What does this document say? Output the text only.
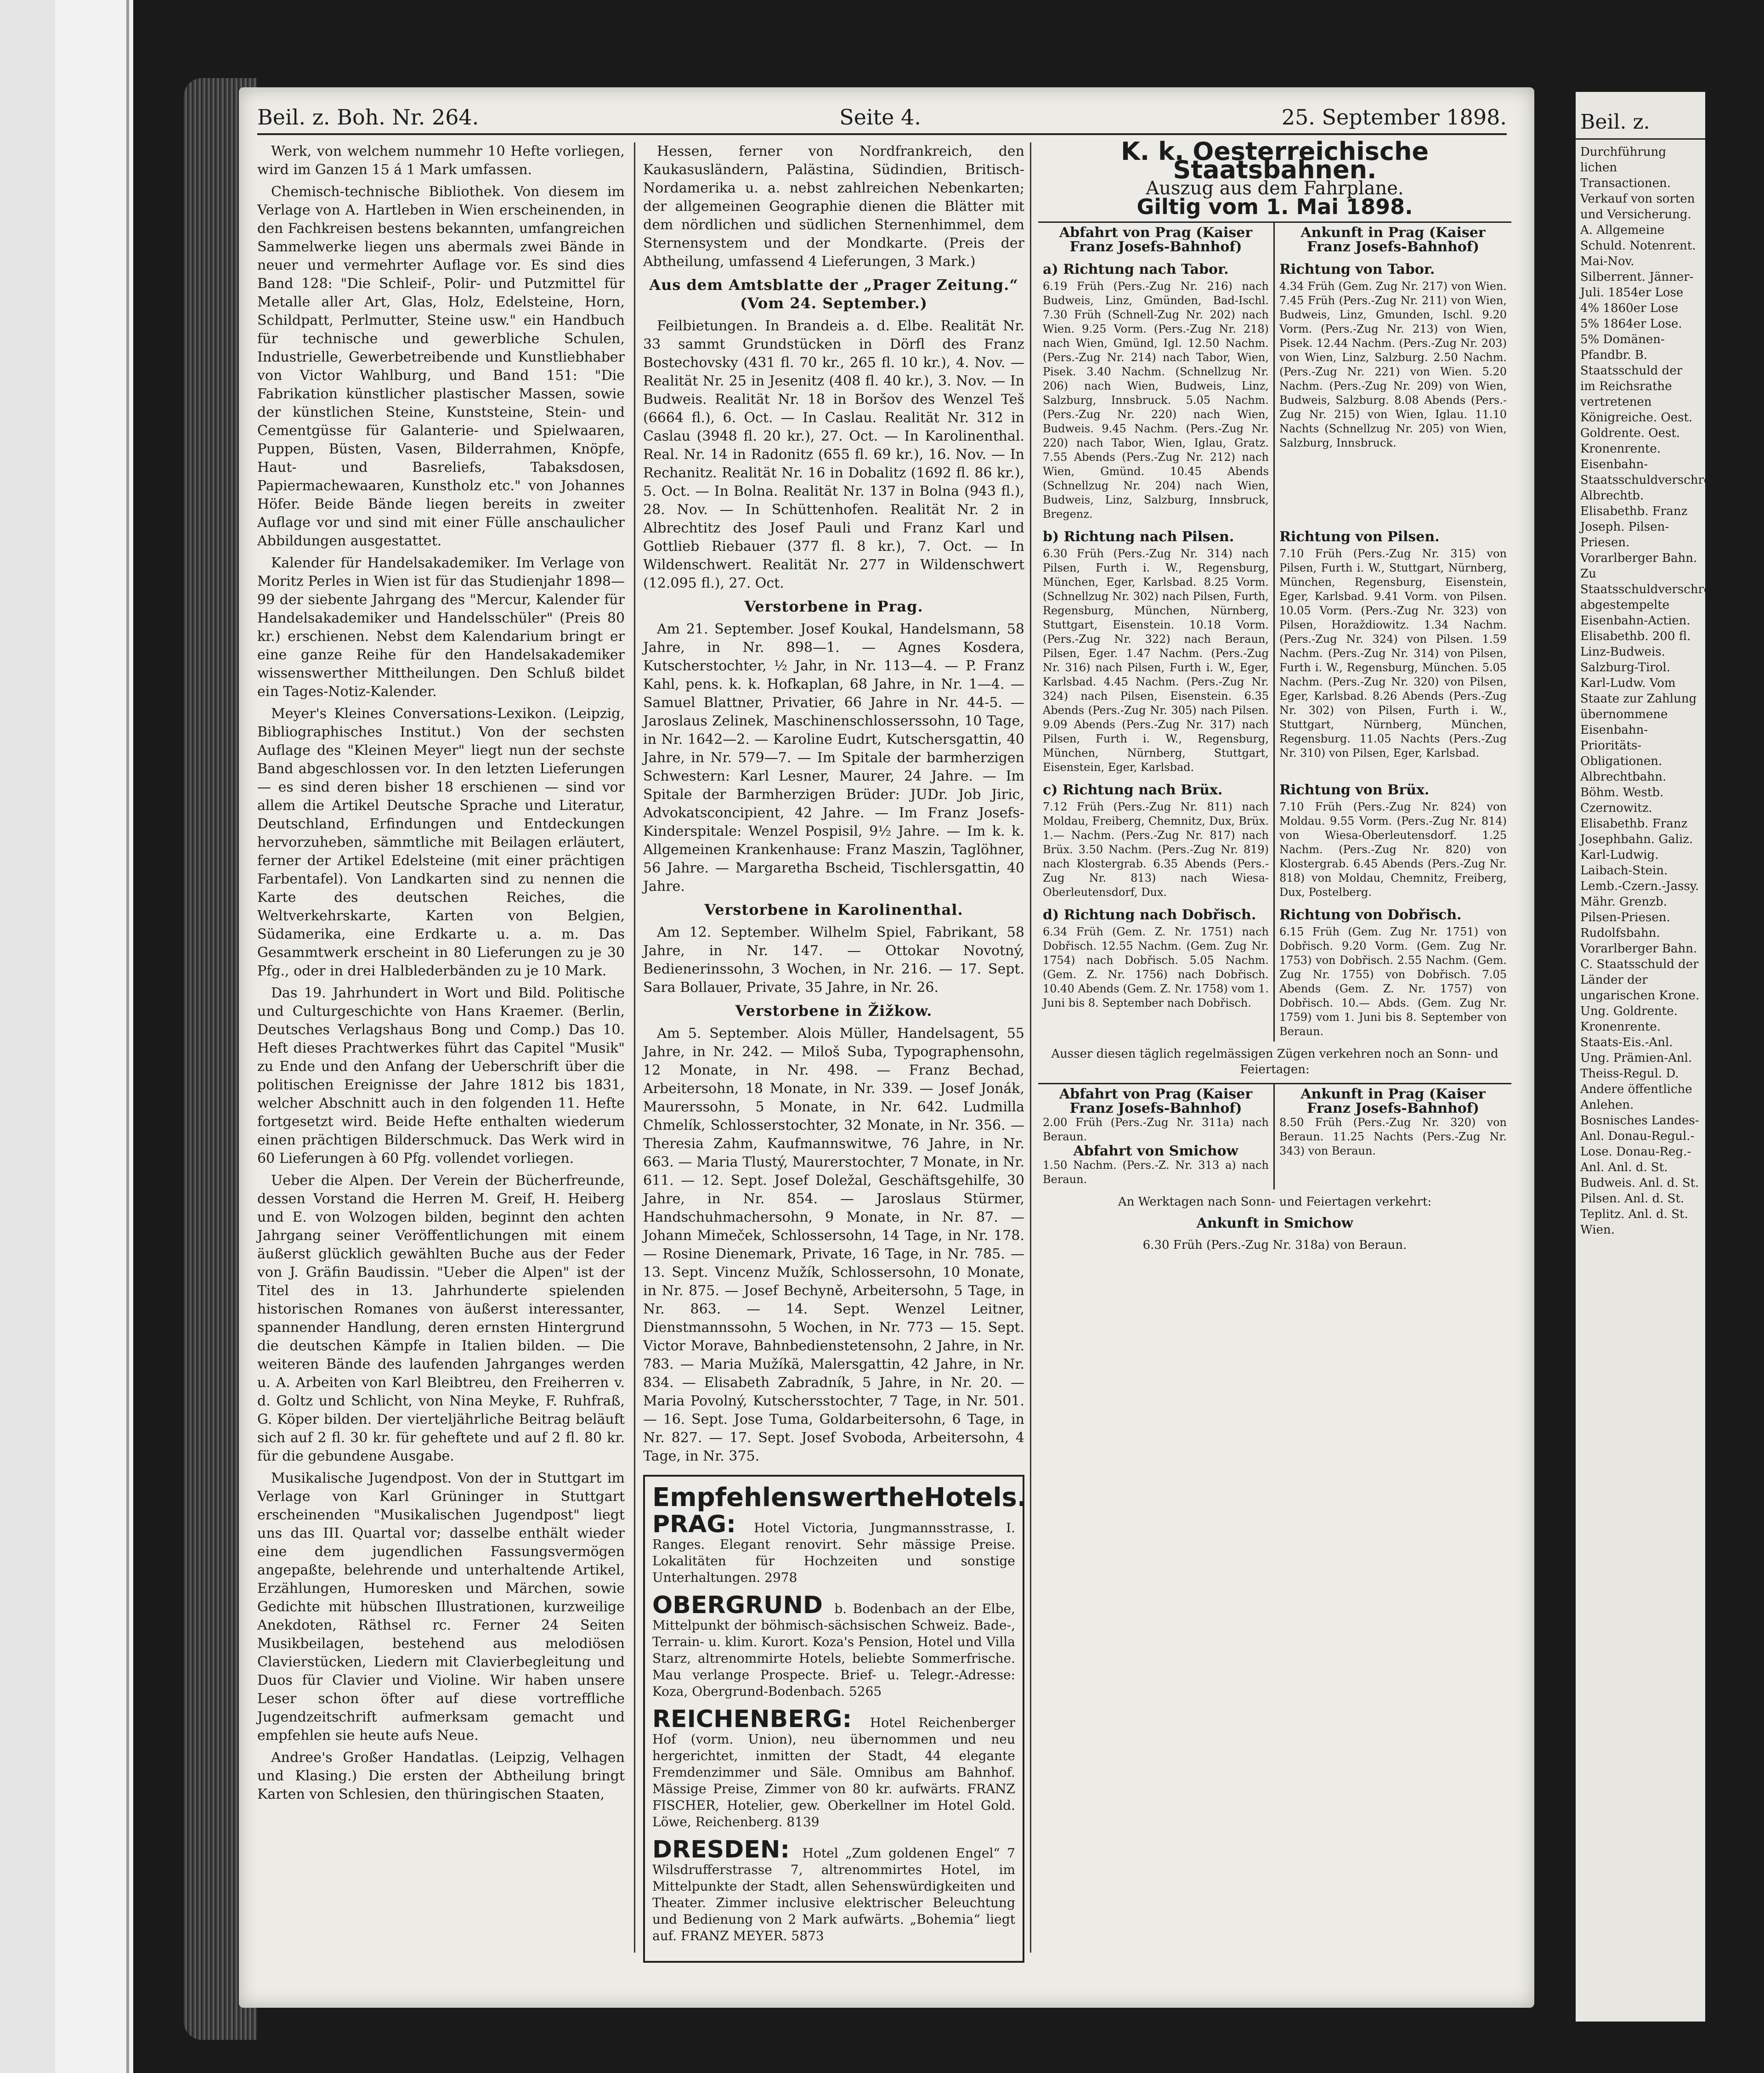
Beil. z. Boh. Nr. 264.	Seite 4.	25. September 1898.

Werk, von welchem nummehr 10 Hefte vorliegen, wird im Ganzen 15 á 1 Mark umfassen.

Chemisch-technische Bibliothek. Von diesem im Verlage von A. Hartleben in Wien erscheinenden, in den Fachkreisen bestens bekannten, umfangreichen Sammelwerke liegen uns abermals zwei Bände in neuer und vermehrter Auflage vor. Es sind dies Band 128: "Die Schleif-, Polir- und Putzmittel für Metalle aller Art, Glas, Holz, Edelsteine, Horn, Schildpatt, Perlmutter, Steine usw." ein Handbuch für technische und gewerbliche Schulen, Industrielle, Gewerbetreibende und Kunstliebhaber von Victor Wahlburg, und Band 151: "Die Fabrikation künstlicher plastischer Massen, sowie der künstlichen Steine, Kunststeine, Stein- und Cementgüsse für Galanterie- und Spielwaaren, Puppen, Büsten, Vasen, Bilderrahmen, Knöpfe, Haut- und Basreliefs, Tabaksdosen, Papiermachewaaren, Kunstholz etc." von Johannes Höfer. Beide Bände liegen bereits in zweiter Auflage vor und sind mit einer Fülle anschaulicher Abbildungen ausgestattet.

Kalender für Handelsakademiker. Im Verlage von Moritz Perles in Wien ist für das Studienjahr 1898—99 der siebente Jahrgang des "Mercur, Kalender für Handelsakademiker und Handelsschüler" (Preis 80 kr.) erschienen. Nebst dem Kalendarium bringt er eine ganze Reihe für den Handelsakademiker wissenswerther Mittheilungen. Den Schluß bildet ein Tages-Notiz-Kalender.

Meyer's Kleines Conversations-Lexikon. (Leipzig, Bibliographisches Institut.) Von der sechsten Auflage des "Kleinen Meyer" liegt nun der sechste Band abgeschlossen vor. In den letzten Lieferungen — es sind deren bisher 18 erschienen — sind vor allem die Artikel Deutsche Sprache und Literatur, Deutschland, Erfindungen und Entdeckungen hervorzuheben, sämmtliche mit Beilagen erläutert, ferner der Artikel Edelsteine (mit einer prächtigen Farbentafel). Von Landkarten sind zu nennen die Karte des deutschen Reiches, die Weltverkehrskarte, Karten von Belgien, Südamerika, eine Erdkarte u. a. m. Das Gesammtwerk erscheint in 80 Lieferungen zu je 30 Pfg., oder in drei Halblederbänden zu je 10 Mark.

Das 19. Jahrhundert in Wort und Bild. Politische und Culturgeschichte von Hans Kraemer. (Berlin, Deutsches Verlagshaus Bong und Comp.) Das 10. Heft dieses Prachtwerkes führt das Capitel "Musik" zu Ende und den Anfang der Ueberschrift über die politischen Ereignisse der Jahre 1812 bis 1831, welcher Abschnitt auch in den folgenden 11. Hefte fortgesetzt wird. Beide Hefte enthalten wiederum einen prächtigen Bilderschmuck. Das Werk wird in 60 Lieferungen à 60 Pfg. vollendet vorliegen.

Ueber die Alpen. Der Verein der Bücherfreunde, dessen Vorstand die Herren M. Greif, H. Heiberg und E. von Wolzogen bilden, beginnt den achten Jahrgang seiner Veröffentlichungen mit einem äußerst glücklich gewählten Buche aus der Feder von J. Gräfin Baudissin. "Ueber die Alpen" ist der Titel des in 13. Jahrhunderte spielenden historischen Romanes von äußerst interessanter, spannender Handlung, deren ernsten Hintergrund die deutschen Kämpfe in Italien bilden. — Die weiteren Bände des laufenden Jahrganges werden u. A. Arbeiten von Karl Bleibtreu, den Freiherren v. d. Goltz und Schlicht, von Nina Meyke, F. Ruhfraß, G. Köper bilden. Der vierteljährliche Beitrag beläuft sich auf 2 fl. 30 kr. für geheftete und auf 2 fl. 80 kr. für die gebundene Ausgabe.

Musikalische Jugendpost. Von der in Stuttgart im Verlage von Karl Grüninger in Stuttgart erscheinenden "Musikalischen Jugendpost" liegt uns das III. Quartal vor; dasselbe enthält wieder eine dem jugendlichen Fassungsvermögen angepaßte, belehrende und unterhaltende Artikel, Erzählungen, Humoresken und Märchen, sowie Gedichte mit hübschen Illustrationen, kurzweilige Anekdoten, Räthsel rc. Ferner 24 Seiten Musikbeilagen, bestehend aus melodiösen Clavierstücken, Liedern mit Clavierbegleitung und Duos für Clavier und Violine. Wir haben unsere Leser schon öfter auf diese vortreffliche Jugendzeitschrift aufmerksam gemacht und empfehlen sie heute aufs Neue.

Andree's Großer Handatlas. (Leipzig, Velhagen und Klasing.) Die ersten der Abtheilung bringt Karten von Schlesien, den thüringischen Staaten,

Hessen, ferner von Nordfrankreich, den Kaukasusländern, Palästina, Südindien, Britisch-Nordamerika u. a. nebst zahlreichen Nebenkarten; der allgemeinen Geographie dienen die Blätter mit dem nördlichen und südlichen Sternenhimmel, dem Sternensystem und der Mondkarte. (Preis der Abtheilung, umfassend 4 Lieferungen, 3 Mark.)

Aus dem Amtsblatte der „Prager Zeitung.“ (Vom 24. September.)

Feilbietungen. In Brandeis a. d. Elbe. Realität Nr. 33 sammt Grundstücken in Dörfl des Franz Bostechovsky (431 fl. 70 kr., 265 fl. 10 kr.), 4. Nov. — Realität Nr. 25 in Jesenitz (408 fl. 40 kr.), 3. Nov. — In Budweis. Realität Nr. 18 in Boršov des Wenzel Teš (6664 fl.), 6. Oct. — In Caslau. Realität Nr. 312 in Caslau (3948 fl. 20 kr.), 27. Oct. — In Karolinenthal. Real. Nr. 14 in Radonitz (655 fl. 69 kr.), 16. Nov. — In Rechanitz. Realität Nr. 16 in Dobalitz (1692 fl. 86 kr.), 5. Oct. — In Bolna. Realität Nr. 137 in Bolna (943 fl.), 28. Nov. — In Schüttenhofen. Realität Nr. 2 in Albrechtitz des Josef Pauli und Franz Karl und Gottlieb Riebauer (377 fl. 8 kr.), 7. Oct. — In Wildenschwert. Realität Nr. 277 in Wildenschwert (12.095 fl.), 27. Oct.

Verstorbene in Prag.

Am 21. September. Josef Koukal, Handelsmann, 58 Jahre, in Nr. 898—1. — Agnes Kosdera, Kutscherstochter, ½ Jahr, in Nr. 113—4. — P. Franz Kahl, pens. k. k. Hofkaplan, 68 Jahre, in Nr. 1—4. — Samuel Blattner, Privatier, 66 Jahre in Nr. 44-5. — Jaroslaus Zelinek, Maschinenschlosserssohn, 10 Tage, in Nr. 1642—2. — Karoline Eudrt, Kutschersgattin, 40 Jahre, in Nr. 579—7. — Im Spitale der barmherzigen Schwestern: Karl Lesner, Maurer, 24 Jahre. — Im Spitale der Barmherzigen Brüder: JUDr. Job Jiric, Advokatsconcipient, 42 Jahre. — Im Franz Josefs-Kinderspitale: Wenzel Pospisil, 9½ Jahre. — Im k. k. Allgemeinen Krankenhause: Franz Maszin, Taglöhner, 56 Jahre. — Margaretha Bscheid, Tischlersgattin, 40 Jahre.

Verstorbene in Karolinenthal.

Am 12. September. Wilhelm Spiel, Fabrikant, 58 Jahre, in Nr. 147. — Ottokar Novotný, Bedienerinssohn, 3 Wochen, in Nr. 216. — 17. Sept. Sara Bollauer, Private, 35 Jahre, in Nr. 26.

Verstorbene in Žižkow.

Am 5. September. Alois Müller, Handelsagent, 55 Jahre, in Nr. 242. — Miloš Suba, Typographensohn, 12 Monate, in Nr. 498. — Franz Bechad, Arbeitersohn, 18 Monate, in Nr. 339. — Josef Jonák, Maurerssohn, 5 Monate, in Nr. 642. Ludmilla Chmelík, Schlosserstochter, 32 Monate, in Nr. 356. — Theresia Zahm, Kaufmannswitwe, 76 Jahre, in Nr. 663. — Maria Tlustý, Maurerstochter, 7 Monate, in Nr. 611. — 12. Sept. Josef Doležal, Geschäftsgehilfe, 30 Jahre, in Nr. 854. — Jaroslaus Stürmer, Handschuhmachersohn, 9 Monate, in Nr. 87. — Johann Mimeček, Schlossersohn, 14 Tage, in Nr. 178. — Rosine Dienemark, Private, 16 Tage, in Nr. 785. — 13. Sept. Vincenz Mužík, Schlossersohn, 10 Monate, in Nr. 875. — Josef Bechyně, Arbeitersohn, 5 Tage, in Nr. 863. — 14. Sept. Wenzel Leitner, Dienstmannssohn, 5 Wochen, in Nr. 773 — 15. Sept. Victor Morave, Bahnbedienstetensohn, 2 Jahre, in Nr. 783. — Maria Mužíkä, Malersgattin, 42 Jahre, in Nr. 834. — Elisabeth Zabradník, 5 Jahre, in Nr. 20. — Maria Povolný, Kutschersstochter, 7 Tage, in Nr. 501. — 16. Sept. Jose Tuma, Goldarbeitersohn, 6 Tage, in Nr. 827. — 17. Sept. Josef Svoboda, Arbeitersohn, 4 Tage, in Nr. 375.

EmpfehlenswertheHotels.
PRAG: Hotel Victoria, Jungmannsstrasse, I. Ranges. Elegant renovirt. Sehr mässige Preise. Lokalitäten für Hochzeiten und sonstige Unterhaltungen. 2978
OBERGRUND b. Bodenbach an der Elbe, Mittelpunkt der böhmisch-sächsischen Schweiz. Bade-, Terrain- u. klim. Kurort. Koza's Pension, Hotel und Villa Starz, altrenommirte Hotels, beliebte Sommerfrische. Mau verlange Prospecte. Brief- u. Telegr.-Adresse: Koza, Obergrund-Bodenbach. 5265
REICHENBERG: Hotel Reichenberger Hof (vorm. Union), neu übernommen und neu hergerichtet, inmitten der Stadt, 44 elegante Fremdenzimmer und Säle. Omnibus am Bahnhof. Mässige Preise, Zimmer von 80 kr. aufwärts. FRANZ FISCHER, Hotelier, gew. Oberkellner im Hotel Gold. Löwe, Reichenberg. 8139
DRESDEN: Hotel „Zum goldenen Engel“ 7 Wilsdrufferstrasse 7, altrenommirtes Hotel, im Mittelpunkte der Stadt, allen Sehenswürdigkeiten und Theater. Zimmer inclusive elektrischer Beleuchtung und Bedienung von 2 Mark aufwärts. „Bohemia“ liegt auf. FRANZ MEYER. 5873
K. k. Oesterreichische Staatsbahnen.
Auszug aus dem Fahrplane.
Giltig vom 1. Mai 1898.
Abfahrt von Prag (Kaiser Franz Josefs-Bahnhof)
Ankunft in Prag (Kaiser Franz Josefs-Bahnhof)
a) Richtung nach Tabor.
6.19 Früh (Pers.-Zug Nr. 216) nach Budweis, Linz, Gmünden, Bad-Ischl. 7.30 Früh (Schnell-Zug Nr. 202) nach Wien. 9.25 Vorm. (Pers.-Zug Nr. 218) nach Wien, Gmünd, Igl. 12.50 Nachm. (Pers.-Zug Nr. 214) nach Tabor, Wien, Pisek. 3.40 Nachm. (Schnellzug Nr. 206) nach Wien, Budweis, Linz, Salzburg, Innsbruck. 5.05 Nachm. (Pers.-Zug Nr. 220) nach Wien, Budweis. 9.45 Nachm. (Pers.-Zug Nr. 220) nach Tabor, Wien, Iglau, Gratz. 7.55 Abends (Pers.-Zug Nr. 212) nach Wien, Gmünd. 10.45 Abends (Schnellzug Nr. 204) nach Wien, Budweis, Linz, Salzburg, Innsbruck, Bregenz.
Richtung von Tabor.
4.34 Früh (Gem. Zug Nr. 217) von Wien. 7.45 Früh (Pers.-Zug Nr. 211) von Wien, Budweis, Linz, Gmunden, Ischl. 9.20 Vorm. (Pers.-Zug Nr. 213) von Wien, Pisek. 12.44 Nachm. (Pers.-Zug Nr. 203) von Wien, Linz, Salzburg. 2.50 Nachm. (Pers.-Zug Nr. 221) von Wien. 5.20 Nachm. (Pers.-Zug Nr. 209) von Wien, Budweis, Salzburg. 8.08 Abends (Pers.-Zug Nr. 215) von Wien, Iglau. 11.10 Nachts (Schnellzug Nr. 205) von Wien, Salzburg, Innsbruck.
b) Richtung nach Pilsen.
6.30 Früh (Pers.-Zug Nr. 314) nach Pilsen, Furth i. W., Regensburg, München, Eger, Karlsbad. 8.25 Vorm. (Schnellzug Nr. 302) nach Pilsen, Furth, Regensburg, München, Nürnberg, Stuttgart, Eisenstein. 10.18 Vorm. (Pers.-Zug Nr. 322) nach Beraun, Pilsen, Eger. 1.47 Nachm. (Pers.-Zug Nr. 316) nach Pilsen, Furth i. W., Eger, Karlsbad. 4.45 Nachm. (Pers.-Zug Nr. 324) nach Pilsen, Eisenstein. 6.35 Abends (Pers.-Zug Nr. 305) nach Pilsen. 9.09 Abends (Pers.-Zug Nr. 317) nach Pilsen, Furth i. W., Regensburg, München, Nürnberg, Stuttgart, Eisenstein, Eger, Karlsbad.
Richtung von Pilsen.
7.10 Früh (Pers.-Zug Nr. 315) von Pilsen, Furth i. W., Stuttgart, Nürnberg, München, Regensburg, Eisenstein, Eger, Karlsbad. 9.41 Vorm. von Pilsen. 10.05 Vorm. (Pers.-Zug Nr. 323) von Pilsen, Horaždiowitz. 1.34 Nachm. (Pers.-Zug Nr. 324) von Pilsen. 1.59 Nachm. (Pers.-Zug Nr. 314) von Pilsen, Furth i. W., Regensburg, München. 5.05 Nachm. (Pers.-Zug Nr. 320) von Pilsen, Eger, Karlsbad. 8.26 Abends (Pers.-Zug Nr. 302) von Pilsen, Furth i. W., Stuttgart, Nürnberg, München, Regensburg. 11.05 Nachts (Pers.-Zug Nr. 310) von Pilsen, Eger, Karlsbad.
c) Richtung nach Brüx.
7.12 Früh (Pers.-Zug Nr. 811) nach Moldau, Freiberg, Chemnitz, Dux, Brüx. 1.— Nachm. (Pers.-Zug Nr. 817) nach Brüx. 3.50 Nachm. (Pers.-Zug Nr. 819) nach Klostergrab. 6.35 Abends (Pers.-Zug Nr. 813) nach Wiesa-Oberleutensdorf, Dux.
Richtung von Brüx.
7.10 Früh (Pers.-Zug Nr. 824) von Moldau. 9.55 Vorm. (Pers.-Zug Nr. 814) von Wiesa-Oberleutensdorf. 1.25 Nachm. (Pers.-Zug Nr. 820) von Klostergrab. 6.45 Abends (Pers.-Zug Nr. 818) von Moldau, Chemnitz, Freiberg, Dux, Postelberg.
d) Richtung nach Dobřisch.
6.34 Früh (Gem. Z. Nr. 1751) nach Dobřisch. 12.55 Nachm. (Gem. Zug Nr. 1754) nach Dobřisch. 5.05 Nachm. (Gem. Z. Nr. 1756) nach Dobřisch. 10.40 Abends (Gem. Z. Nr. 1758) vom 1. Juni bis 8. September nach Dobřisch.
Richtung von Dobřisch.
6.15 Früh (Gem. Zug Nr. 1751) von Dobřisch. 9.20 Vorm. (Gem. Zug Nr. 1753) von Dobřisch. 2.55 Nachm. (Gem. Zug Nr. 1755) von Dobřisch. 7.05 Abends (Gem. Z. Nr. 1757) von Dobřisch. 10.— Abds. (Gem. Zug Nr. 1759) vom 1. Juni bis 8. September von Beraun.
Ausser diesen täglich regelmässigen Zügen verkehren noch an Sonn- und Feiertagen:
Abfahrt von Prag (Kaiser Franz Josefs-Bahnhof)
2.00 Früh (Pers.-Zug Nr. 311a) nach Beraun.
Abfahrt von Smichow
1.50 Nachm. (Pers.-Z. Nr. 313 a) nach Beraun.
Ankunft in Prag (Kaiser Franz Josefs-Bahnhof)
8.50 Früh (Pers.-Zug Nr. 320) von Beraun. 11.25 Nachts (Pers.-Zug Nr. 343) von Beraun.
An Werktagen nach Sonn- und Feiertagen verkehrt:
Ankunft in Smichow
6.30 Früh (Pers.-Zug Nr. 318a) von Beraun.
Beil. z.
Durchführung lichen Transactionen. Verkauf von sorten und Versicherung. A. Allgemeine Schuld. Notenrent. Mai-Nov. Silberrent. Jänner-Juli. 1854er Lose 4% 1860er Lose 5% 1864er Lose. 5% Domänen-Pfandbr. B. Staatsschuld der im Reichsrathe vertretenen Königreiche. Oest. Goldrente. Oest. Kronenrente. Eisenbahn-Staatsschuldverschreibungen. Albrechtb. Elisabethb. Franz Joseph. Pilsen-Priesen. Vorarlberger Bahn. Zu Staatsschuldverschreibungen abgestempelte Eisenbahn-Actien. Elisabethb. 200 fl. Linz-Budweis. Salzburg-Tirol. Karl-Ludw. Vom Staate zur Zahlung übernommene Eisenbahn-Prioritäts-Obligationen. Albrechtbahn. Böhm. Westb. Czernowitz. Elisabethb. Franz Josephbahn. Galiz. Karl-Ludwig. Laibach-Stein. Lemb.-Czern.-Jassy. Mähr. Grenzb. Pilsen-Priesen. Rudolfsbahn. Vorarlberger Bahn. C. Staatsschuld der Länder der ungarischen Krone. Ung. Goldrente. Kronenrente. Staats-Eis.-Anl. Ung. Prämien-Anl. Theiss-Regul. D. Andere öffentliche Anlehen. Bosnisches Landes-Anl. Donau-Regul.-Lose. Donau-Reg.-Anl. Anl. d. St. Budweis. Anl. d. St. Pilsen. Anl. d. St. Teplitz. Anl. d. St. Wien.
